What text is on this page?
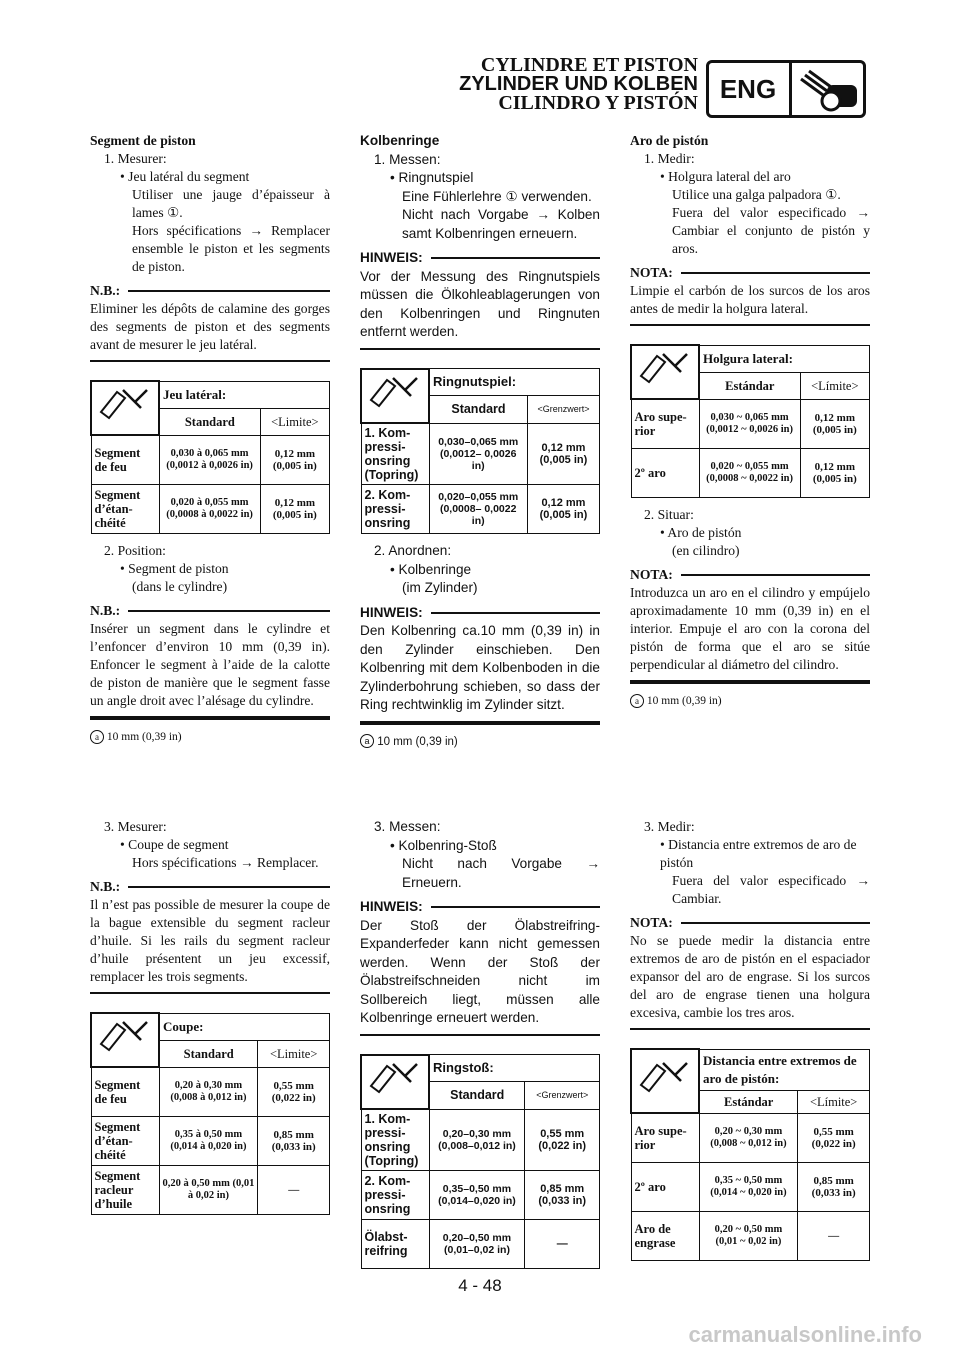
CYLINDRE ET PISTON
ZYLINDER UND KOLBEN
CILINDRO Y PISTÓN ENG
Segment de piston
1. Mesurer:
• Jeu latéral du segment
Utiliser une jauge d’épaisseur à lames ①.
Hors spécifications → Remplacer ensemble le piston et les segments de piston.
N.B.:
Eliminer les dépôts de calamine des gorges des segments de piston et des segments avant de mesurer le jeu latéral.
	Jeu latéral:	
	Standard	<Limite>
Segment de feu	0,030 à 0,065 mm (0,0012 à 0,0026 in)	0,12 mm (0,005 in)
Segment d’étan-chéité	0,020 à 0,055 mm (0,0008 à 0,0022 in)	0,12 mm (0,005 in)
2. Position:
• Segment de piston
(dans le cylindre)
N.B.:
Insérer un segment dans le cylindre et l’enfoncer d’environ 10 mm (0,39 in). Enfoncer le segment à l’aide de la calotte de piston de manière que le segment fasse un angle droit avec l’alésage du cylindre.
a 10 mm (0,39 in)
3. Mesurer:
• Coupe de segment
Hors spécifications → Remplacer.
N.B.:
Il n’est pas possible de mesurer la coupe de la bague extensible du segment racleur d’huile. Si les rails du segment racleur d’huile présentent un jeu excessif, remplacer les trois segments.
	Coupe:	
	Standard	<Limite>
Segment de feu	0,20 à 0,30 mm (0,008 à 0,012 in)	0,55 mm (0,022 in)
Segment d’étan-chéité	0,35 à 0,50 mm (0,014 à 0,020 in)	0,85 mm (0,033 in)
Segment racleur d’huile	0,20 à 0,50 mm (0,01 à 0,02 in)	—
Kolbenringe
1. Messen:
• Ringnutspiel
Eine Fühlerlehre ① verwenden.
Nicht nach Vorgabe → Kolben samt Kolbenringen erneuern.
HINWEIS:
Vor der Messung des Ringnutspiels müssen die Ölkohleablagerungen von den Kolbenringen und Ringnuten entfernt werden.
	Ringnutspiel:	
	Standard	<Grenzwert>
1. Kom-pressi-onsring (Topring)	0,030–0,065 mm (0,0012– 0,0026 in)	0,12 mm (0,005 in)
2. Kom-pressi-onsring	0,020–0,055 mm (0,0008– 0,0022 in)	0,12 mm (0,005 in)
2. Anordnen:
• Kolbenringe
(im Zylinder)
HINWEIS:
Den Kolbenring ca.10 mm (0,39 in) in den Zylinder einschieben. Den Kolbenring mit dem Kolbenboden in die Zylinderbohrung schieben, so dass der Ring rechtwinklig im Zylinder sitzt.
a 10 mm (0,39 in)
3. Messen:
• Kolbenring-Stoß
Nicht nach Vorgabe → Erneuern.
HINWEIS:
Der Stoß der Ölabstreifring-Expanderfeder kann nicht gemessen werden. Wenn der Stoß der Ölabstreifschneiden nicht im Sollbereich liegt, müssen alle Kolbenringe erneuert werden.
	Ringstoß:	
	Standard	<Grenzwert>
1. Kom-pressi-onsring (Topring)	0,20–0,30 mm (0,008–0,012 in)	0,55 mm (0,022 in)
2. Kom-pressi-onsring	0,35–0,50 mm (0,014–0,020 in)	0,85 mm (0,033 in)
Ölabst-reifring	0,20–0,50 mm (0,01–0,02 in)	—
Aro de pistón
1. Medir:
• Holgura lateral del aro
Utilice una galga palpadora ①.
Fuera del valor especificado → Cambiar el conjunto de pistón y aros.
NOTA:
Limpie el carbón de los surcos de los aros antes de medir la holgura lateral.
	Holgura lateral:	
	Estándar	<Límite>
Aro supe-rior	0,030 ~ 0,065 mm (0,0012 ~ 0,0026 in)	0,12 mm (0,005 in)
2º aro	0,020 ~ 0,055 mm (0,0008 ~ 0,0022 in)	0,12 mm (0,005 in)
2. Situar:
• Aro de pistón
(en cilindro)
NOTA:
Introduzca un aro en el cilindro y empújelo aproximadamente 10 mm (0,39 in) en el interior. Empuje el aro con la corona del pistón de forma que el aro se sitúe perpendicular al diámetro del cilindro.
a 10 mm (0,39 in)
3. Medir:
• Distancia entre extremos de aro de pistón
Fuera del valor especificado → Cambiar.
NOTA:
No se puede medir la distancia entre extremos de aro de pistón en el espaciador expansor del aro de engrase. Si los surcos del aro de engrase tienen una holgura excesiva, cambie los tres aros.
	Distancia entre extremos de aro de pistón:	
	Estándar	<Límite>
Aro supe-rior	0,20 ~ 0,30 mm (0,008 ~ 0,012 in)	0,55 mm (0,022 in)
2º aro	0,35 ~ 0,50 mm (0,014 ~ 0,020 in)	0,85 mm (0,033 in)
Aro de engrase	0,20 ~ 0,50 mm (0,01 ~ 0,02 in)	—
4 - 48
carmanualsonline.info
